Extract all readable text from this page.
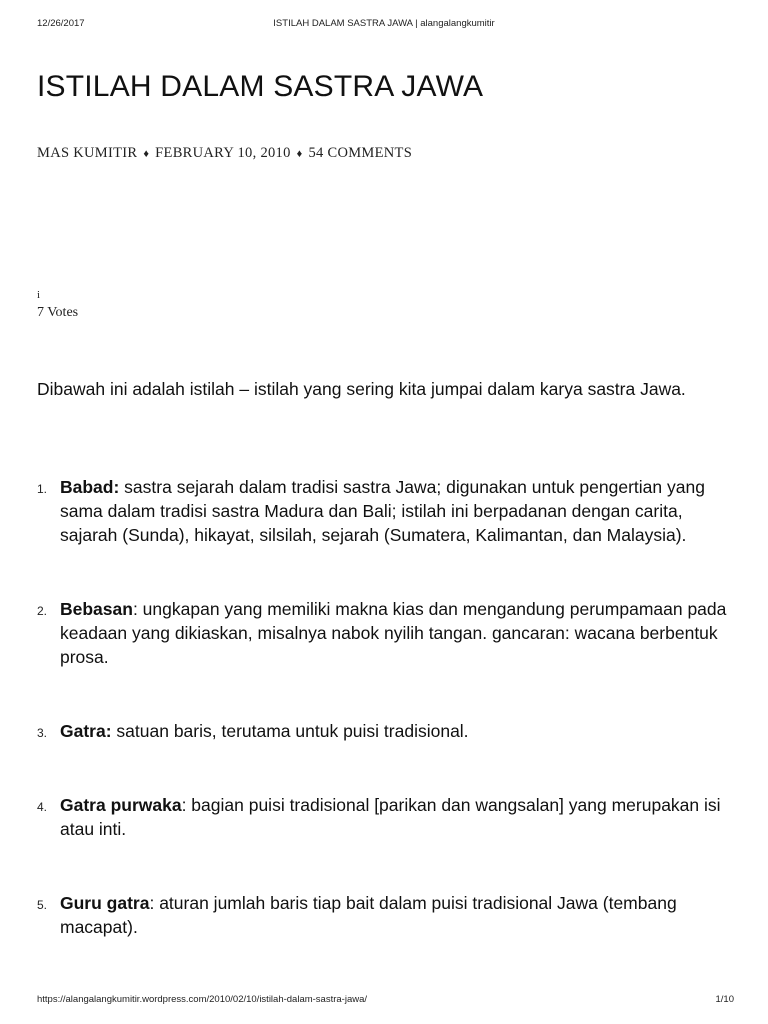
12/26/2017	ISTILAH DALAM SASTRA JAWA | alangalangkumitir
ISTILAH DALAM SASTRA JAWA
MAS KUMITIR ♦ FEBRUARY 10, 2010 ♦ 54 COMMENTS
i
7 Votes

Dibawah ini adalah istilah – istilah yang sering kita jumpai dalam karya sastra Jawa.

1. Babad: sastra sejarah dalam tradisi sastra Jawa; digunakan untuk pengertian yang sama dalam tradisi sastra Madura dan Bali; istilah ini berpadanan dengan carita, sajarah (Sunda), hikayat, silsilah, sejarah (Sumatera, Kalimantan, dan Malaysia).
2. Bebasan: ungkapan yang memiliki makna kias dan mengandung perumpamaan pada keadaan yang dikiaskan, misalnya nabok nyilih tangan. gancaran: wacana berbentuk prosa.
3. Gatra: satuan baris, terutama untuk puisi tradisional.
4. Gatra purwaka: bagian puisi tradisional [parikan dan wangsalan] yang merupakan isi atau inti.
5. Guru gatra: aturan jumlah baris tiap bait dalam puisi tradisional Jawa (tembang macapat).
https://alangalangkumitir.wordpress.com/2010/02/10/istilah-dalam-sastra-jawa/	1/10
